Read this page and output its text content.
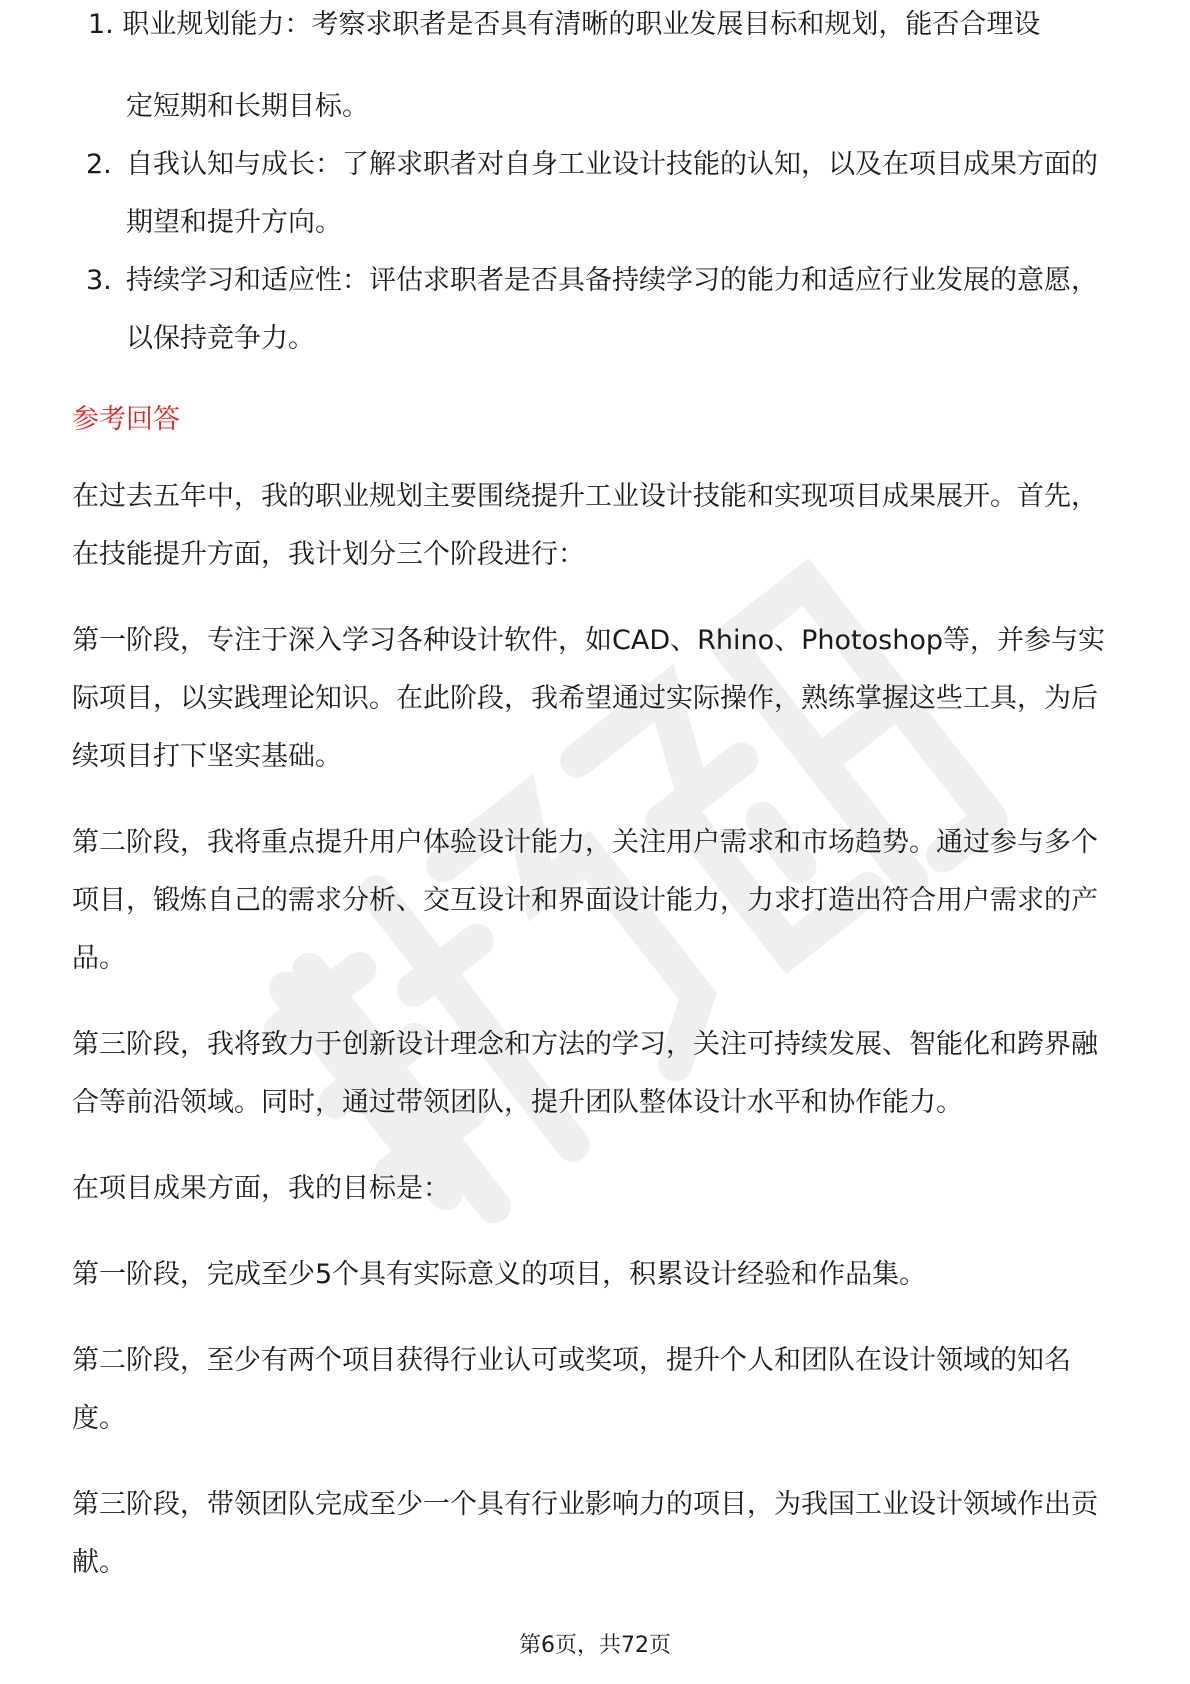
1. 职业规划能力：考察求职者是否具有清晰的职业发展目标和规划，能否合理设
定短期和长期目标。
2. 自我认知与成长：了解求职者对自身工业设计技能的认知，以及在项目成果方面的期望和提升方向。
3. 持续学习和适应性：评估求职者是否具备持续学习的能力和适应行业发展的意愿，以保持竞争力。
参考回答

在过去五年中，我的职业规划主要围绕提升工业设计技能和实现项目成果展开。首先，在技能提升方面，我计划分三个阶段进行：

第一阶段，专注于深入学习各种设计软件，如CAD、Rhino、Photoshop等，并参与实际项目，以实践理论知识。在此阶段，我希望通过实际操作，熟练掌握这些工具，为后续项目打下坚实基础。

第二阶段，我将重点提升用户体验设计能力，关注用户需求和市场趋势。通过参与多个项目，锻炼自己的需求分析、交互设计和界面设计能力，力求打造出符合用户需求的产品。

第三阶段，我将致力于创新设计理念和方法的学习，关注可持续发展、智能化和跨界融合等前沿领域。同时，通过带领团队，提升团队整体设计水平和协作能力。

在项目成果方面，我的目标是：

第一阶段，完成至少5个具有实际意义的项目，积累设计经验和作品集。

第二阶段，至少有两个项目获得行业认可或奖项，提升个人和团队在设计领域的知名度。

第三阶段，带领团队完成至少一个具有行业影响力的项目，为我国工业设计领域作出贡献。

第6页，共72页
